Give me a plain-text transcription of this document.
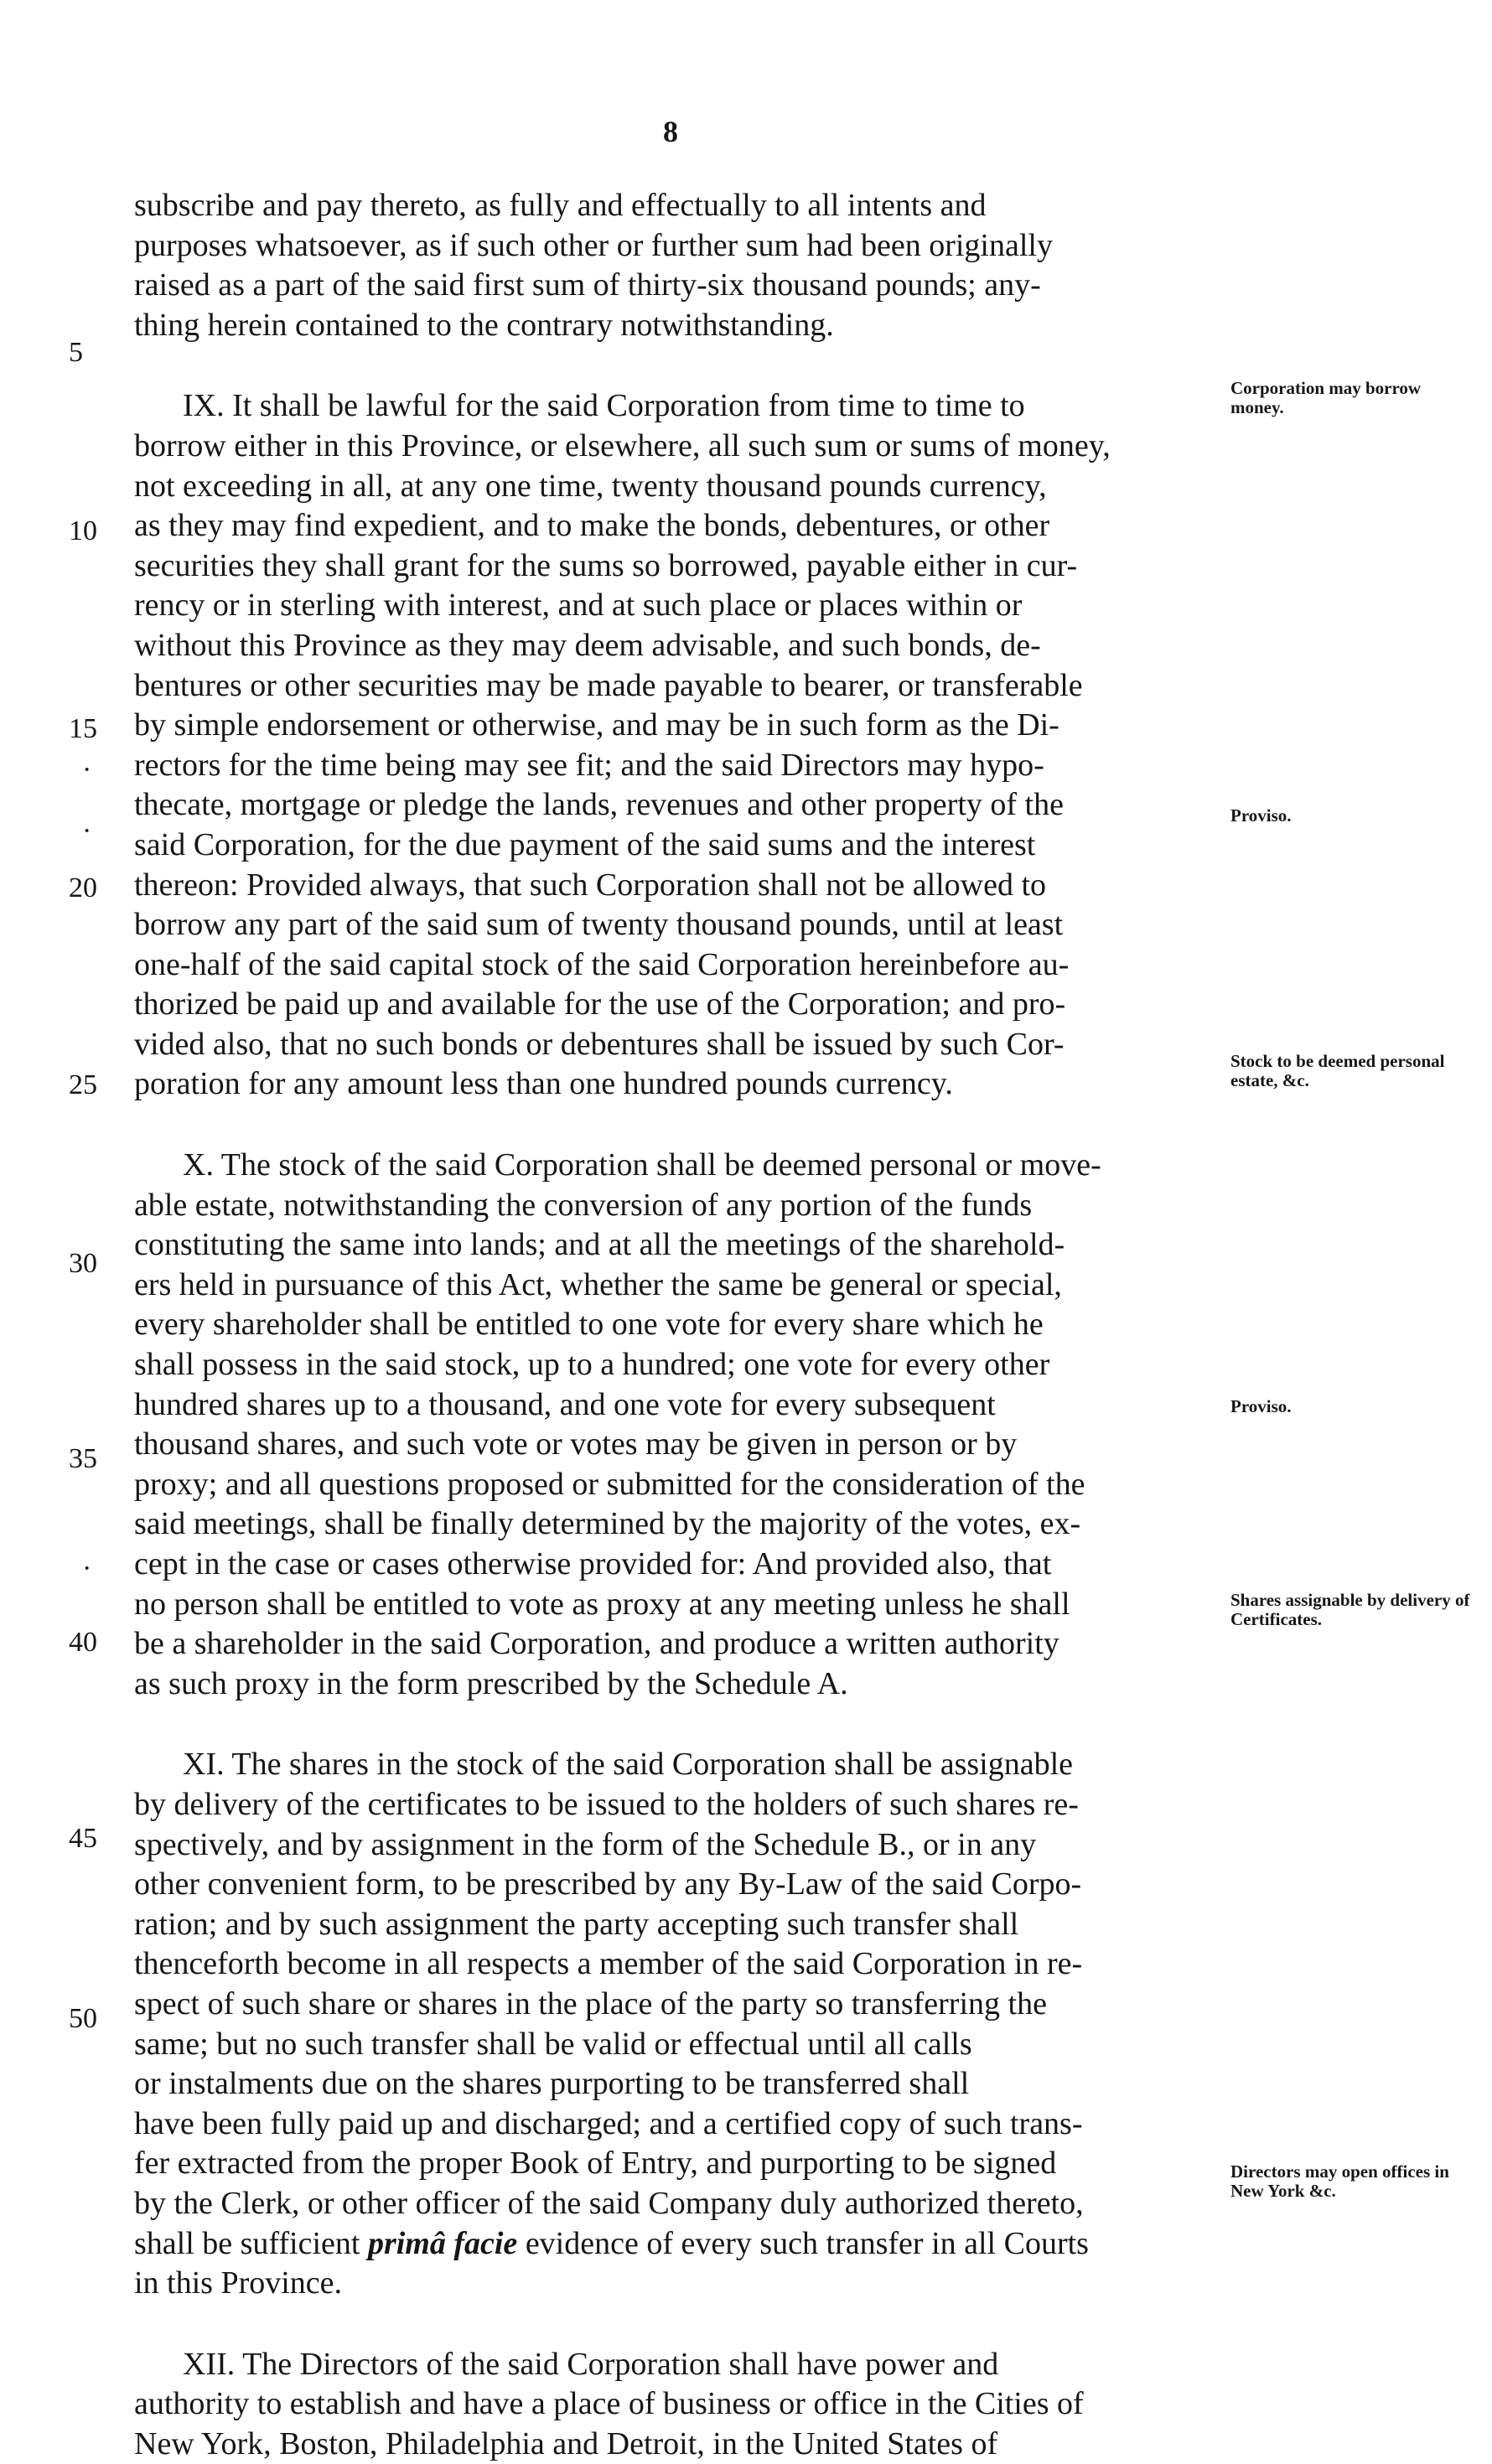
8
subscribe and pay thereto, as fully and effectually to all intents and
purposes whatsoever, as if such other or further sum had been originally
raised as a part of the said first sum of thirty-six thousand pounds; any-
thing herein contained to the contrary notwithstanding.
IX. It shall be lawful for the said Corporation from time to time to
borrow either in this Province, or elsewhere, all such sum or sums of money,
not exceeding in all, at any one time, twenty thousand pounds currency,
as they may find expedient, and to make the bonds, debentures, or other
securities they shall grant for the sums so borrowed, payable either in cur-
rency or in sterling with interest, and at such place or places within or
without this Province as they may deem advisable, and such bonds, de-
bentures or other securities may be made payable to bearer, or transferable
by simple endorsement or otherwise, and may be in such form as the Di-
rectors for the time being may see fit; and the said Directors may hypo-
thecate, mortgage or pledge the lands, revenues and other property of the
said Corporation, for the due payment of the said sums and the interest
thereon: Provided always, that such Corporation shall not be allowed to
borrow any part of the said sum of twenty thousand pounds, until at least
one-half of the said capital stock of the said Corporation hereinbefore au-
thorized be paid up and available for the use of the Corporation; and pro-
vided also, that no such bonds or debentures shall be issued by such Cor-
poration for any amount less than one hundred pounds currency.
X. The stock of the said Corporation shall be deemed personal or move-
able estate, notwithstanding the conversion of any portion of the funds
constituting the same into lands; and at all the meetings of the sharehold-
ers held in pursuance of this Act, whether the same be general or special,
every shareholder shall be entitled to one vote for every share which he
shall possess in the said stock, up to a hundred; one vote for every other
hundred shares up to a thousand, and one vote for every subsequent
thousand shares, and such vote or votes may be given in person or by
proxy; and all questions proposed or submitted for the consideration of the
said meetings, shall be finally determined by the majority of the votes, ex-
cept in the case or cases otherwise provided for: And provided also, that
no person shall be entitled to vote as proxy at any meeting unless he shall
be a shareholder in the said Corporation, and produce a written authority
as such proxy in the form prescribed by the Schedule A.
XI. The shares in the stock of the said Corporation shall be assignable
by delivery of the certificates to be issued to the holders of such shares re-
spectively, and by assignment in the form of the Schedule B., or in any
other convenient form, to be prescribed by any By-Law of the said Corpo-
ration; and by such assignment the party accepting such transfer shall
thenceforth become in all respects a member of the said Corporation in re-
spect of such share or shares in the place of the party so transferring the
same; but no such transfer shall be valid or effectual until all calls
or instalments due on the shares purporting to be transferred shall
have been fully paid up and discharged; and a certified copy of such trans-
fer extracted from the proper Book of Entry, and purporting to be signed
by the Clerk, or other officer of the said Company duly authorized thereto,
shall be sufficient primâ facie evidence of every such transfer in all Courts
in this Province.
XII. The Directors of the said Corporation shall have power and
authority to establish and have a place of business or office in the Cities of
New York, Boston, Philadelphia and Detroit, in the United States of
5
10
15
20
25
30
35
40
45
50
·
·
·
Corporation may borrow money.
Proviso.
Stock to be deemed personal estate, &c.
Proviso.
Shares assignable by delivery of Certificates.
Directors may open offices in New York &c.
